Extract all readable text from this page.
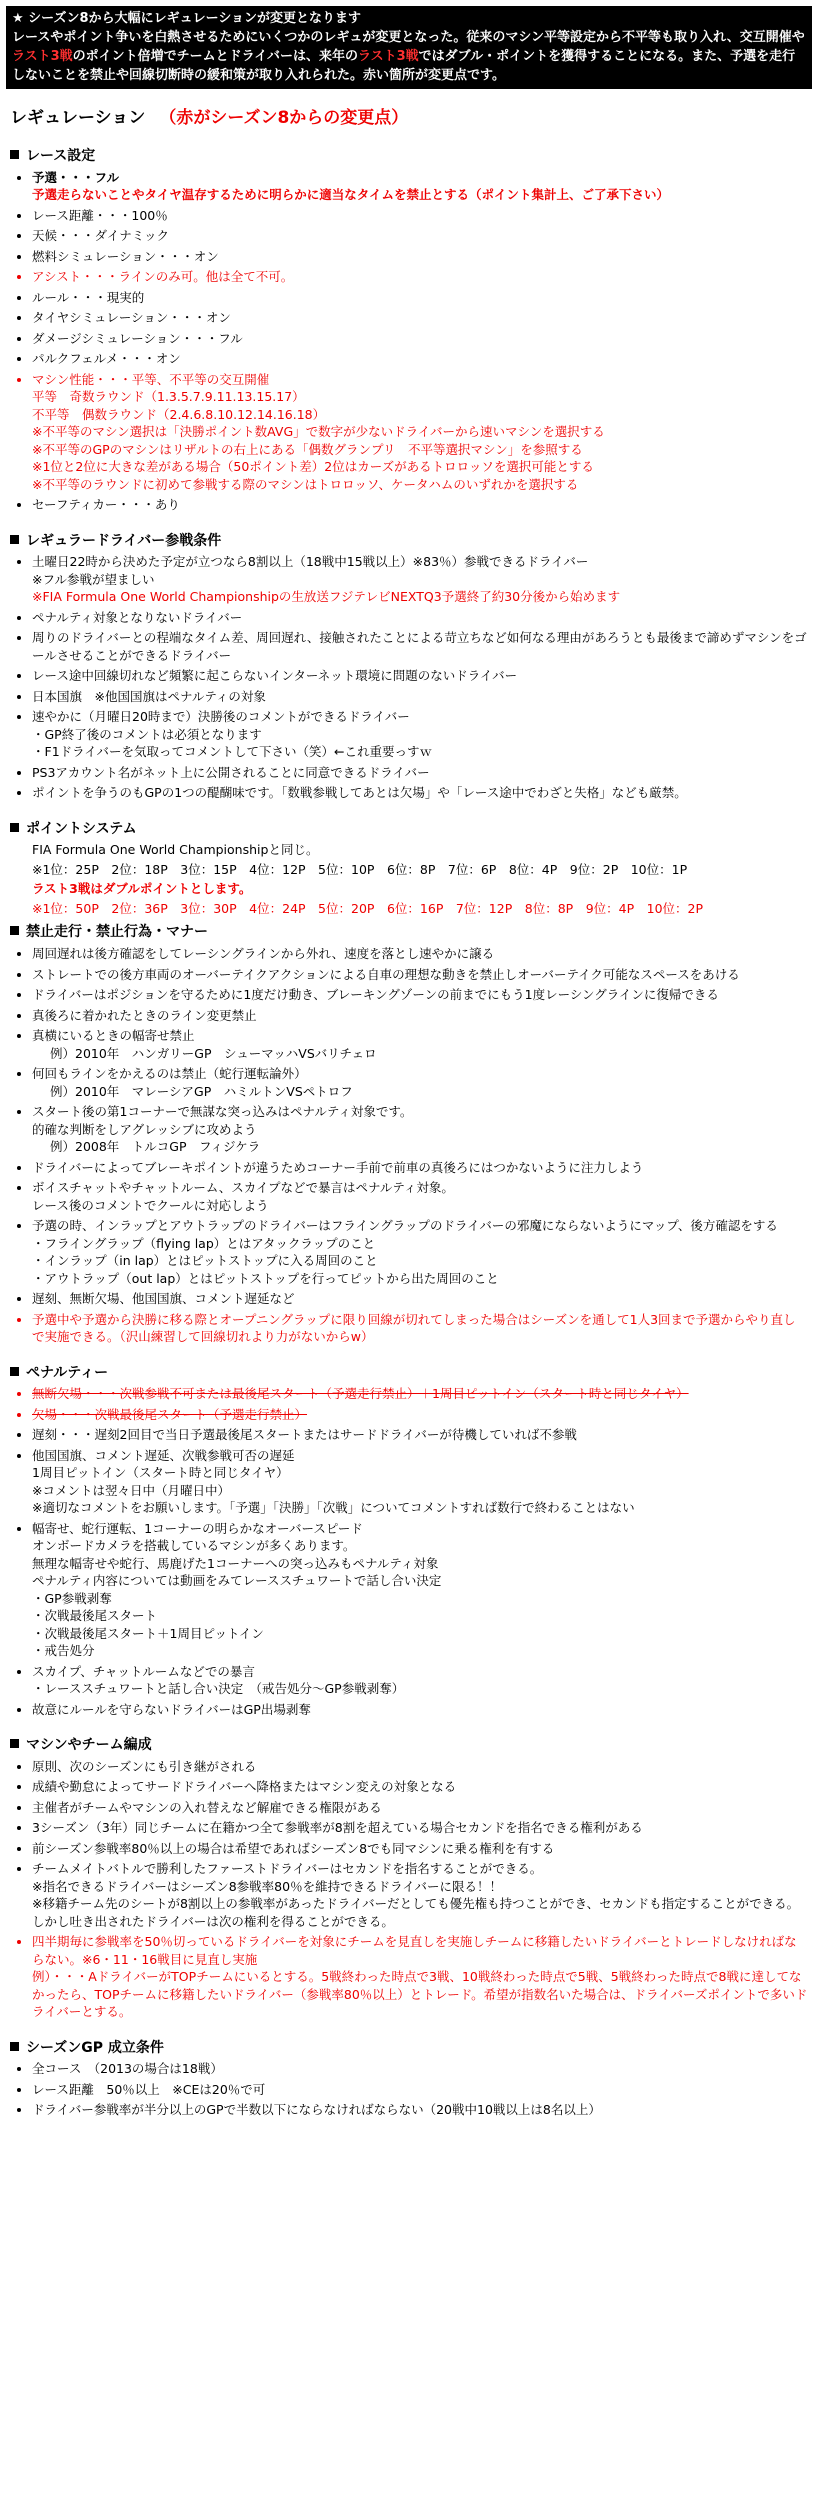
★ シーズン8から大幅にレギュレーションが変更となります
レースやポイント争いを白熱させるためにいくつかのレギュが変更となった。従来のマシン平等設定から不平等も取り入れ、交互開催やラスト3戦のポイント倍増でチームとドライバーは、来年のラスト3戦ではダブル・ポイントを獲得することになる。また、予選を走行しないことを禁止や回線切断時の緩和策が取り入れられた。赤い箇所が変更点です。
レギュレーション （赤がシーズン8からの変更点）
レース設定
• 予選・・・フル
予選走らないことやタイヤ温存するために明らかに適当なタイムを禁止とする（ポイント集計上、ご了承下さい）
• レース距離・・・100％
• 天候・・・ダイナミック
• 燃料シミュレーション・・・オン
• アシスト・・・ラインのみ可。他は全て不可。
• ルール・・・現実的
• タイヤシミュレーション・・・オン
• ダメージシミュレーション・・・フル
• パルクフェルメ・・・オン
• マシン性能・・・平等、不平等の交互開催
平等　奇数ラウンド（1.3.5.7.9.11.13.15.17）
不平等　偶数ラウンド（2.4.6.8.10.12.14.16.18）
※不平等のマシン選択は「決勝ポイント数AVG」で数字が少ないドライバーから速いマシンを選択する
※不平等のGPのマシンはリザルトの右上にある「偶数グランプリ　不平等選択マシン」を参照する
※1位と2位に大きな差がある場合（50ポイント差）2位はカーズがあるトロロッソを選択可能とする
※不平等のラウンドに初めて参戦する際のマシンはトロロッソ、ケータハムのいずれかを選択する
• セーフティカー・・・あり
レギュラードライバー参戦条件
• 土曜日22時から決めた予定が立つなら8割以上（18戦中15戦以上）※83％）参戦できるドライバー
※フル参戦が望ましい
※FIA Formula One World Championshipの生放送フジテレビNEXTQ3予選終了約30分後から始めます
• ペナルティ対象となりないドライバー
• 周りのドライバーとの程端なタイム差、周回遅れ、接触されたことによる苛立ちなど如何なる理由があろうとも最後まで諦めずマシンをゴールさせることができるドライバー
• レース途中回線切れなど頻繁に起こらないインターネット環境に問題のないドライバー
• 日本国旗　※他国国旗はペナルティの対象
• 速やかに（月曜日20時まで）決勝後のコメントができるドライバー
・GP終了後のコメントは必須となります
・F1ドライバーを気取ってコメントして下さい（笑）←これ重要っすｗ
• PS3アカウント名がネット上に公開されることに同意できるドライバー
• ポイントを争うのもGPの1つの醍醐味です。「数戦参戦してあとは欠場」や「レース途中でわざと失格」なども厳禁。
ポイントシステム
FIA Formula One World Championshipと同じ。
※1位：25P　2位：18P　3位：15P　4位：12P　5位：10P　6位：8P　7位：6P　8位：4P　9位：2P　10位：1P
ラスト3戦はダブルポイントとします。
※1位：50P　2位：36P　3位：30P　4位：24P　5位：20P　6位：16P　7位：12P　8位：8P　9位：4P　10位：2P
禁止走行・禁止行為・マナー
• 周回遅れは後方確認をしてレーシングラインから外れ、速度を落とし速やかに譲る
• ストレートでの後方車両のオーバーテイクアクションによる自車の理想な動きを禁止しオーバーテイク可能なスペースをあける
• ドライバーはポジションを守るために1度だけ動き、ブレーキングゾーンの前までにもう1度レーシングラインに復帰できる
• 真後ろに着かれたときのライン変更禁止
• 真横にいるときの幅寄せ禁止
例）2010年　ハンガリーGP　シューマッハVSバリチェロ
• 何回もラインをかえるのは禁止（蛇行運転論外）
例）2010年　マレーシアGP　ハミルトンVSペトロフ
• スタート後の第1コーナーで無謀な突っ込みはペナルティ対象です。
的確な判断をしアグレッシブに攻めよう
例）2008年　トルコGP　フィジケラ
• ドライバーによってブレーキポイントが違うためコーナー手前で前車の真後ろにはつかないように注力しよう
• ボイスチャットやチャットルーム、スカイプなどで暴言はペナルティ対象。
レース後のコメントでクールに対応しよう
• 予選の時、インラップとアウトラップのドライバーはフライングラップのドライバーの邪魔にならないようにマップ、後方確認をする
・フライングラップ（flying lap）とはアタックラップのこと
・インラップ（in lap）とはピットストップに入る周回のこと
・アウトラップ（out lap）とはピットストップを行ってピットから出た周回のこと
• 遅刻、無断欠場、他国国旗、コメント遅延など
• 予選中や予選から決勝に移る際とオープニングラップに限り回線が切れてしまった場合はシーズンを通して1人3回まで予選からやり直しで実施できる。（沢山練習して回線切れより力がないからw）
ペナルティー
• 無断欠場・・・次戦参戦不可または最後尾スタート（予選走行禁止）＋1周目ピットイン（スタート時と同じタイヤ）
• 欠場・・・次戦最後尾スタート（予選走行禁止）
• 遅刻・・・遅刻2回目で当日予選最後尾スタートまたはサードドライバーが待機していれば不参戦
• 他国国旗、コメント遅延、次戦参戦可否の遅延
1周目ピットイン（スタート時と同じタイヤ）
※コメントは翌々日中（月曜日中）
※適切なコメントをお願いします。「予選」「決勝」「次戦」についてコメントすれば数行で終わることはない
• 幅寄せ、蛇行運転、1コーナーの明らかなオーバースピード
オンボードカメラを搭載しているマシンが多くあります。
無理な幅寄せや蛇行、馬鹿げた1コーナーへの突っ込みもペナルティ対象
ペナルティ内容については動画をみてレーススチュワートで話し合い決定
・GP参戦剥奪
・次戦最後尾スタート
・次戦最後尾スタート＋1周目ピットイン
・戒告処分
• スカイプ、チャットルームなどでの暴言
・レーススチュワートと話し合い決定　（戒告処分～GP参戦剥奪）
• 故意にルールを守らないドライバーはGP出場剥奪
マシンやチーム編成
• 原則、次のシーズンにも引き継がされる
• 成績や勤怠によってサードドライバーへ降格またはマシン変えの対象となる
• 主催者がチームやマシンの入れ替えなど解雇できる権限がある
• 3シーズン（3年）同じチームに在籍かつ全て参戦率が8割を超えている場合セカンドを指名できる権利がある
• 前シーズン参戦率80％以上の場合は希望であればシーズン8でも同マシンに乗る権利を有する
• チームメイトバトルで勝利したファーストドライバーはセカンドを指名することができる。
※指名できるドライバーはシーズン8参戦率80％を維持できるドライバーに限る！！
※移籍チーム先のシートが8割以上の参戦率があったドライバーだとしても優先権も持つことができ、セカンドも指定することができる。しかし吐き出されたドライバーは次の権利を得ることができる。
• 四半期毎に参戦率を50％切っているドライバーを対象にチームを見直しを実施しチームに移籍したいドライバーとトレードしなければならない。※6・11・16戦目に見直し実施
例）・・・AドライバーがTOPチームにいるとする。5戦終わった時点で3戦、10戦終わった時点で5戦、5戦終わった時点で8戦に達してなかったら、TOPチームに移籍したいドライバー（参戦率80％以上）とトレード。希望が指数名いた場合は、ドライバーズポイントで多いドライバーとする。
シーズンGP 成立条件
• 全コース　（2013の場合は18戦）
• レース距離　50％以上　※CEは20％で可
• ドライバー参戦率が半分以上のGPで半数以下にならなければならない（20戦中10戦以上は8名以上）
